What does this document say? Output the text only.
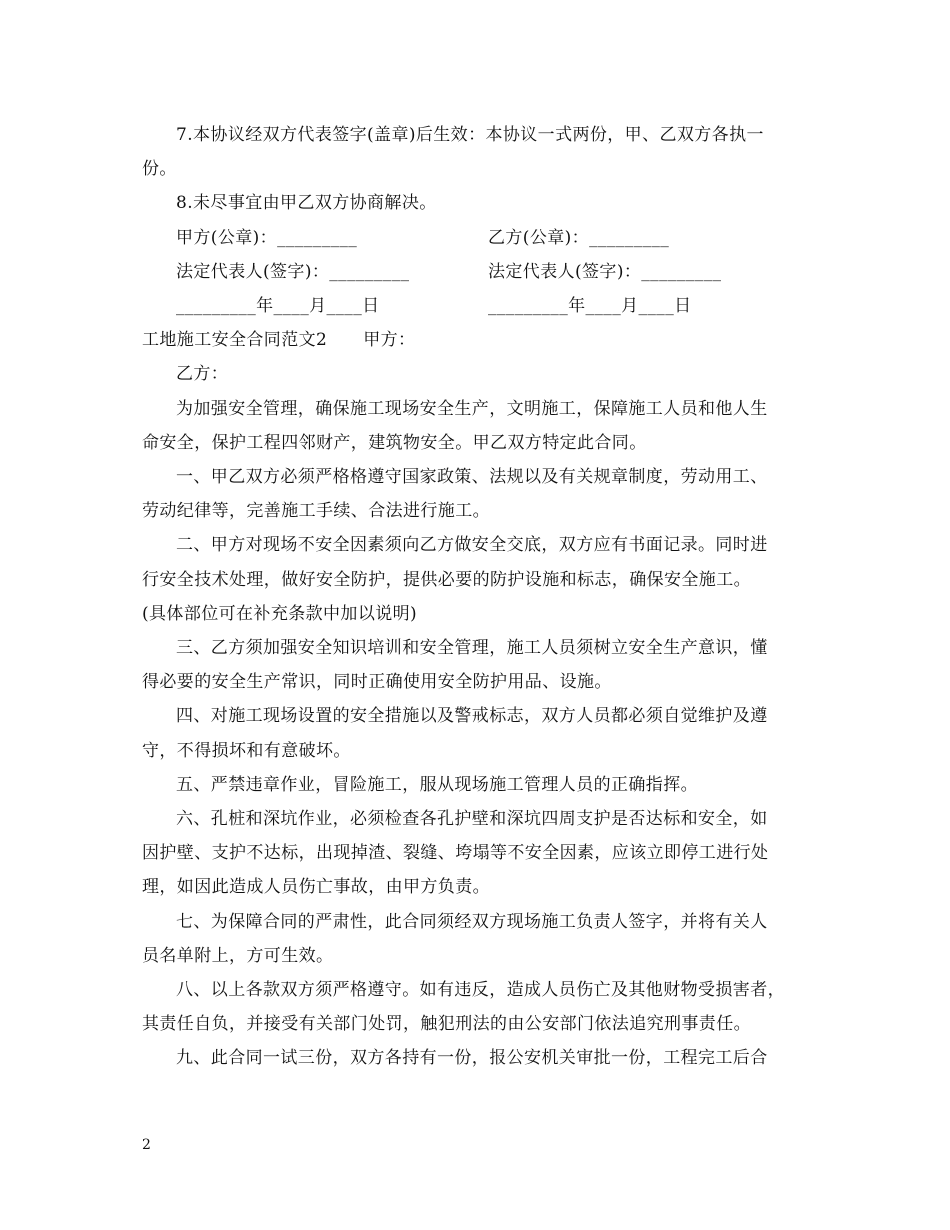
7.本协议经双方代表签字(盖章)后生效：本协议一式两份，甲、乙双方各执一
份。
8.未尽事宜由甲乙双方协商解决。
甲方(公章)：_________	乙方(公章)：_________
法定代表人(签字)：_________	法定代表人(签字)：_________
_________年____月____日	_________年____月____日
工地施工安全合同范文2 甲方：
乙方：
为加强安全管理，确保施工现场安全生产，文明施工，保障施工人员和他人生
命安全，保护工程四邻财产，建筑物安全。甲乙双方特定此合同。
一、甲乙双方必须严格格遵守国家政策、法规以及有关规章制度，劳动用工、
劳动纪律等，完善施工手续、合法进行施工。
二、甲方对现场不安全因素须向乙方做安全交底，双方应有书面记录。同时进
行安全技术处理，做好安全防护，提供必要的防护设施和标志，确保安全施工。
(具体部位可在补充条款中加以说明)
三、乙方须加强安全知识培训和安全管理，施工人员须树立安全生产意识，懂
得必要的安全生产常识，同时正确使用安全防护用品、设施。
四、对施工现场设置的安全措施以及警戒标志，双方人员都必须自觉维护及遵
守，不得损坏和有意破坏。
五、严禁违章作业，冒险施工，服从现场施工管理人员的正确指挥。
六、孔桩和深坑作业，必须检查各孔护壁和深坑四周支护是否达标和安全，如
因护壁、支护不达标，出现掉渣、裂缝、垮塌等不安全因素，应该立即停工进行处
理，如因此造成人员伤亡事故，由甲方负责。
七、为保障合同的严肃性，此合同须经双方现场施工负责人签字，并将有关人
员名单附上，方可生效。
八、以上各款双方须严格遵守。如有违反，造成人员伤亡及其他财物受损害者，
其责任自负，并接受有关部门处罚，触犯刑法的由公安部门依法追究刑事责任。
九、此合同一试三份，双方各持有一份，报公安机关审批一份，工程完工后合
2
